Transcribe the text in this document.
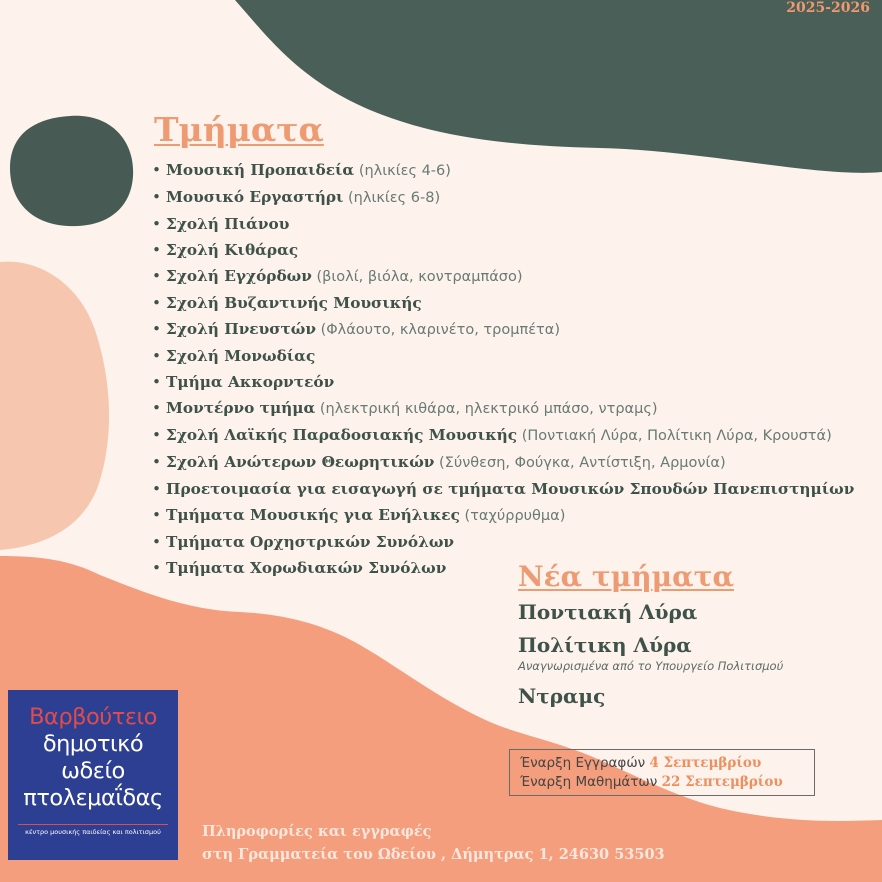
2025-2026
Τμήματα
• Μουσική Προπαιδεία (ηλικίες 4-6)
• Μουσικό Εργαστήρι (ηλικίες 6-8)
• Σχολή Πιάνου
• Σχολή Κιθάρας
• Σχολή Εγχόρδων (βιολί, βιόλα, κοντραμπάσο)
• Σχολή Βυζαντινής Μουσικής
• Σχολή Πνευστών (Φλάουτο, κλαρινέτο, τρομπέτα)
• Σχολή Μονωδίας
• Τμήμα Ακκορντεόν
• Μοντέρνο τμήμα (ηλεκτρική κιθάρα, ηλεκτρικό μπάσο, ντραμς)
• Σχολή Λαϊκής Παραδοσιακής Μουσικής (Ποντιακή Λύρα, Πολίτικη Λύρα, Κρουστά)
• Σχολή Ανώτερων Θεωρητικών (Σύνθεση, Φούγκα, Αντίστιξη, Αρμονία)
• Προετοιμασία για εισαγωγή σε τμήματα Μουσικών Σπουδών Πανεπιστημίων
• Τμήματα Μουσικής για Ενήλικες (ταχύρρυθμα)
• Τμήματα Ορχηστρικών Συνόλων
• Τμήματα Χορωδιακών Συνόλων	Νέα τμήματα
Ποντιακή Λύρα
Πολίτικη Λύρα
Αναγνωρισμένα από το Υπουργείο Πολιτισμού
Ντραμς
Έναρξη Εγγραφών 4 Σεπτεμβρίου
Έναρξη Μαθημάτων 22 Σεπτεμβρίου
Βαρβούτειο
δημοτικό
ωδείο
πτολεμαΐδας
κέντρο μουσικής παιδείας και πολιτισμού	Πληροφορίες και εγγραφές
στη Γραμματεία του Ωδείου , Δήμητρας 1, 24630 53503
